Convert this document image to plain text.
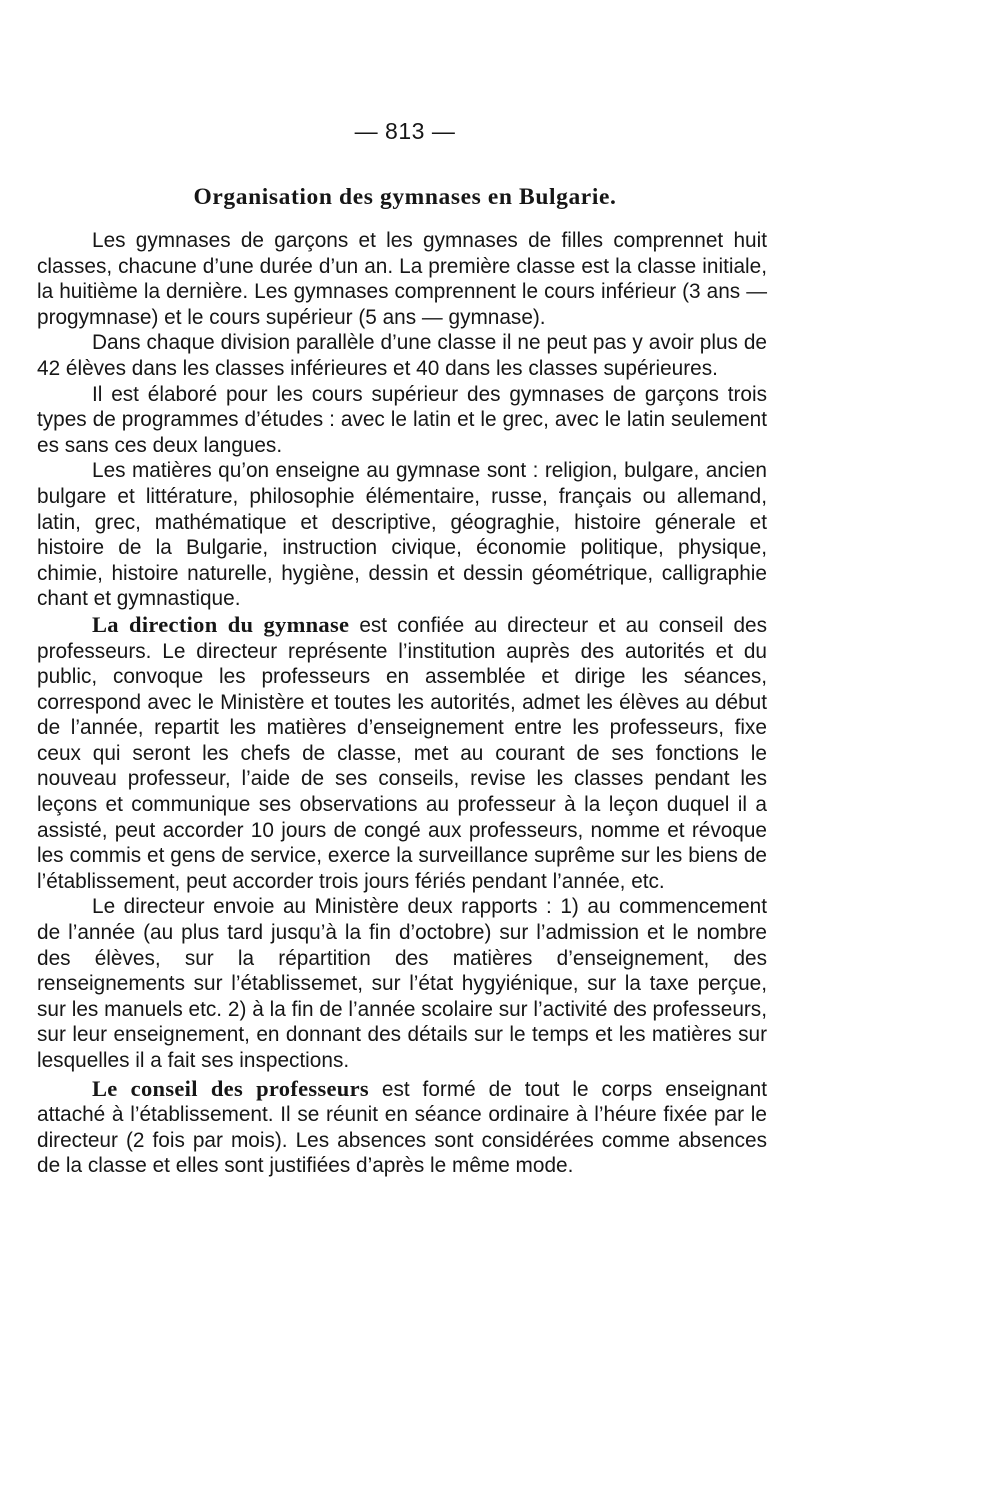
— 813 —
Organisation des gymnases en Bulgarie.

Les gymnases de garçons et les gymnases de filles comprennet huit classes, chacune d’une durée d’un an. La première classe est la classe initiale, la huitième la dernière. Les gymnases comprennent le cours inférieur (3 ans — progymnase) et le cours supérieur (5 ans — gymnase).

Dans chaque division parallèle d’une classe il ne peut pas y avoir plus de 42 élèves dans les classes inférieures et 40 dans les classes supérieures.

Il est élaboré pour les cours supérieur des gymnases de garçons trois types de programmes d’études : avec le latin et le grec, avec le latin seulement es sans ces deux langues.

Les matières qu’on enseigne au gymnase sont : religion, bulgare, ancien bulgare et littérature, philosophie élémentaire, russe, français ou allemand, latin, grec, mathématique et descriptive, géograghie, histoire génerale et histoire de la Bulgarie, instruction civique, économie politique, physique, chimie, histoire naturelle, hygiène, dessin et dessin géométrique, calligraphie chant et gymnastique.

La direction du gymnase est confiée au directeur et au conseil des professeurs. Le directeur représente l’institution auprès des autorités et du public, convoque les professeurs en assemblée et dirige les séances, correspond avec le Ministère et toutes les autorités, admet les élèves au début de l’année, repartit les matières d’enseignement entre les professeurs, fixe ceux qui seront les chefs de classe, met au courant de ses fonctions le nouveau professeur, l’aide de ses conseils, revise les classes pendant les leçons et communique ses observations au professeur à la leçon duquel il a assisté, peut accorder 10 jours de congé aux professeurs, nomme et révoque les commis et gens de service, exerce la surveillance suprême sur les biens de l’établissement, peut accorder trois jours fériés pendant l’année, etc.

Le directeur envoie au Ministère deux rapports : 1) au commencement de l’année (au plus tard jusqu’à la fin d’octobre) sur l’admission et le nombre des élèves, sur la répartition des matières d’enseignement, des renseignements sur l’établissemet, sur l’état hygyiénique, sur la taxe perçue, sur les manuels etc. 2) à la fin de l’année scolaire sur l’activité des professeurs, sur leur enseignement, en donnant des détails sur le temps et les matières sur lesquelles il a fait ses inspections.

Le conseil des professeurs est formé de tout le corps enseignant attaché à l’établissement. Il se réunit en séance ordinaire à l’héure fixée par le directeur (2 fois par mois). Les absences sont considérées comme absences de la classe et elles sont justifiées d’après le même mode.
